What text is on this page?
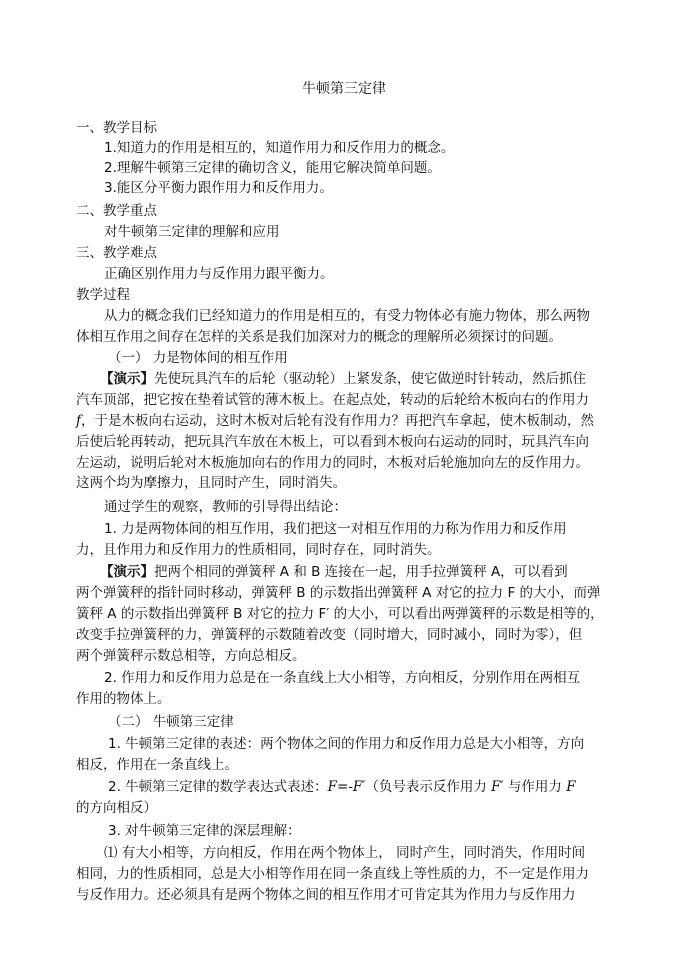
牛顿第三定律
一、教学目标
1.知道力的作用是相互的，知道作用力和反作用力的概念。
2.理解牛顿第三定律的确切含义，能用它解决简单问题。
3.能区分平衡力跟作用力和反作用力。
二、教学重点
对牛顿第三定律的理解和应用
三、教学难点
正确区别作用力与反作用力跟平衡力。
教学过程
从力的概念我们已经知道力的作用是相互的，有受力物体必有施力物体，那么两物
体相互作用之间存在怎样的关系是我们加深对力的概念的理解所必须探讨的问题。
（一） 力是物体间的相互作用
【演示】先使玩具汽车的后轮（驱动轮）上紧发条，使它做逆时针转动，然后抓住
汽车顶部，把它按在垫着试管的薄木板上。在起点处，转动的后轮给木板向右的作用力
f，于是木板向右运动，这时木板对后轮有没有作用力？再把汽车拿起，使木板制动，然
后使后轮再转动，把玩具汽车放在木板上，可以看到木板向右运动的同时，玩具汽车向
左运动，说明后轮对木板施加向右的作用力的同时，木板对后轮施加向左的反作用力。
这两个均为摩擦力，且同时产生，同时消失。
通过学生的观察，教师的引导得出结论：
1. 力是两物体间的相互作用，我们把这一对相互作用的力称为作用力和反作用
力，且作用力和反作用力的性质相同，同时存在，同时消失。
【演示】把两个相同的弹簧秤 A 和 B 连接在一起，用手拉弹簧秤 A，可以看到
两个弹簧秤的指针同时移动，弹簧秤 B 的示数指出弹簧秤 A 对它的拉力 F 的大小，而弹
簧秤 A 的示数指出弹簧秤 B 对它的拉力 F′ 的大小，可以看出两弹簧秤的示数是相等的，
改变手拉弹簧秤的力，弹簧秤的示数随着改变（同时增大，同时减小，同时为零），但
两个弹簧秤示数总相等，方向总相反。
2. 作用力和反作用力总是在一条直线上大小相等，方向相反，分别作用在两相互
作用的物体上。
（二） 牛顿第三定律
1. 牛顿第三定律的表述：两个物体之间的作用力和反作用力总是大小相等，方向
相反，作用在一条直线上。
2. 牛顿第三定律的数学表达式表述：F=-F′（负号表示反作用力 F′ 与作用力 F
的方向相反）
3. 对牛顿第三定律的深层理解：
⑴ 有大小相等，方向相反，作用在两个物体上， 同时产生，同时消失，作用时间
相同，力的性质相同，总是大小相等作用在同一条直线上等性质的力，不一定是作用力
与反作用力。还必须具有是两个物体之间的相互作用才可肯定其为作用力与反作用力
